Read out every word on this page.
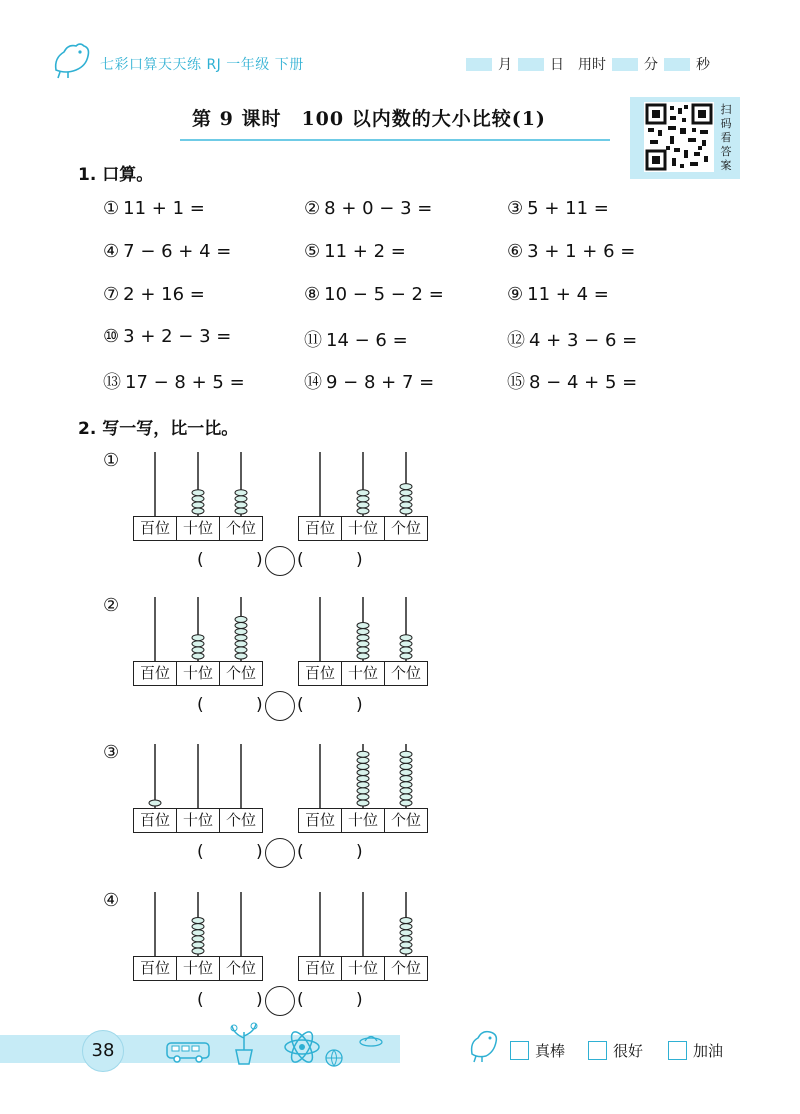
七彩口算天天练 RJ 一年级 下册	月	日 用时	分	秒
第 9 课时　100 以内数的大小比较(1)	扫
码
看
答
案
1. 口算。
① 11 + 1 =	② 8 + 0 − 3 =	③ 5 + 11 =
④ 7 − 6 + 4 =	⑤ 11 + 2 =	⑥ 3 + 1 + 6 =
⑦ 2 + 16 =	⑧ 10 − 5 − 2 =	⑨ 11 + 4 =
⑩ 3 + 2 − 3 =	⑪ 14 − 6 =	⑫ 4 + 3 − 6 =
⑬ 17 − 8 + 5 =	⑭ 9 − 8 + 7 =	⑮ 8 − 4 + 5 =
2. 写一写，比一比。
①
百位 十位 个位	百位 十位 个位
(	) (	)
②
百位 十位 个位	百位 十位 个位
(	) (	)
③
百位 十位 个位	百位 十位 个位
(	) (	)
④
百位 十位 个位	百位 十位 个位
(	) (	)
38	真棒	很好	加油
